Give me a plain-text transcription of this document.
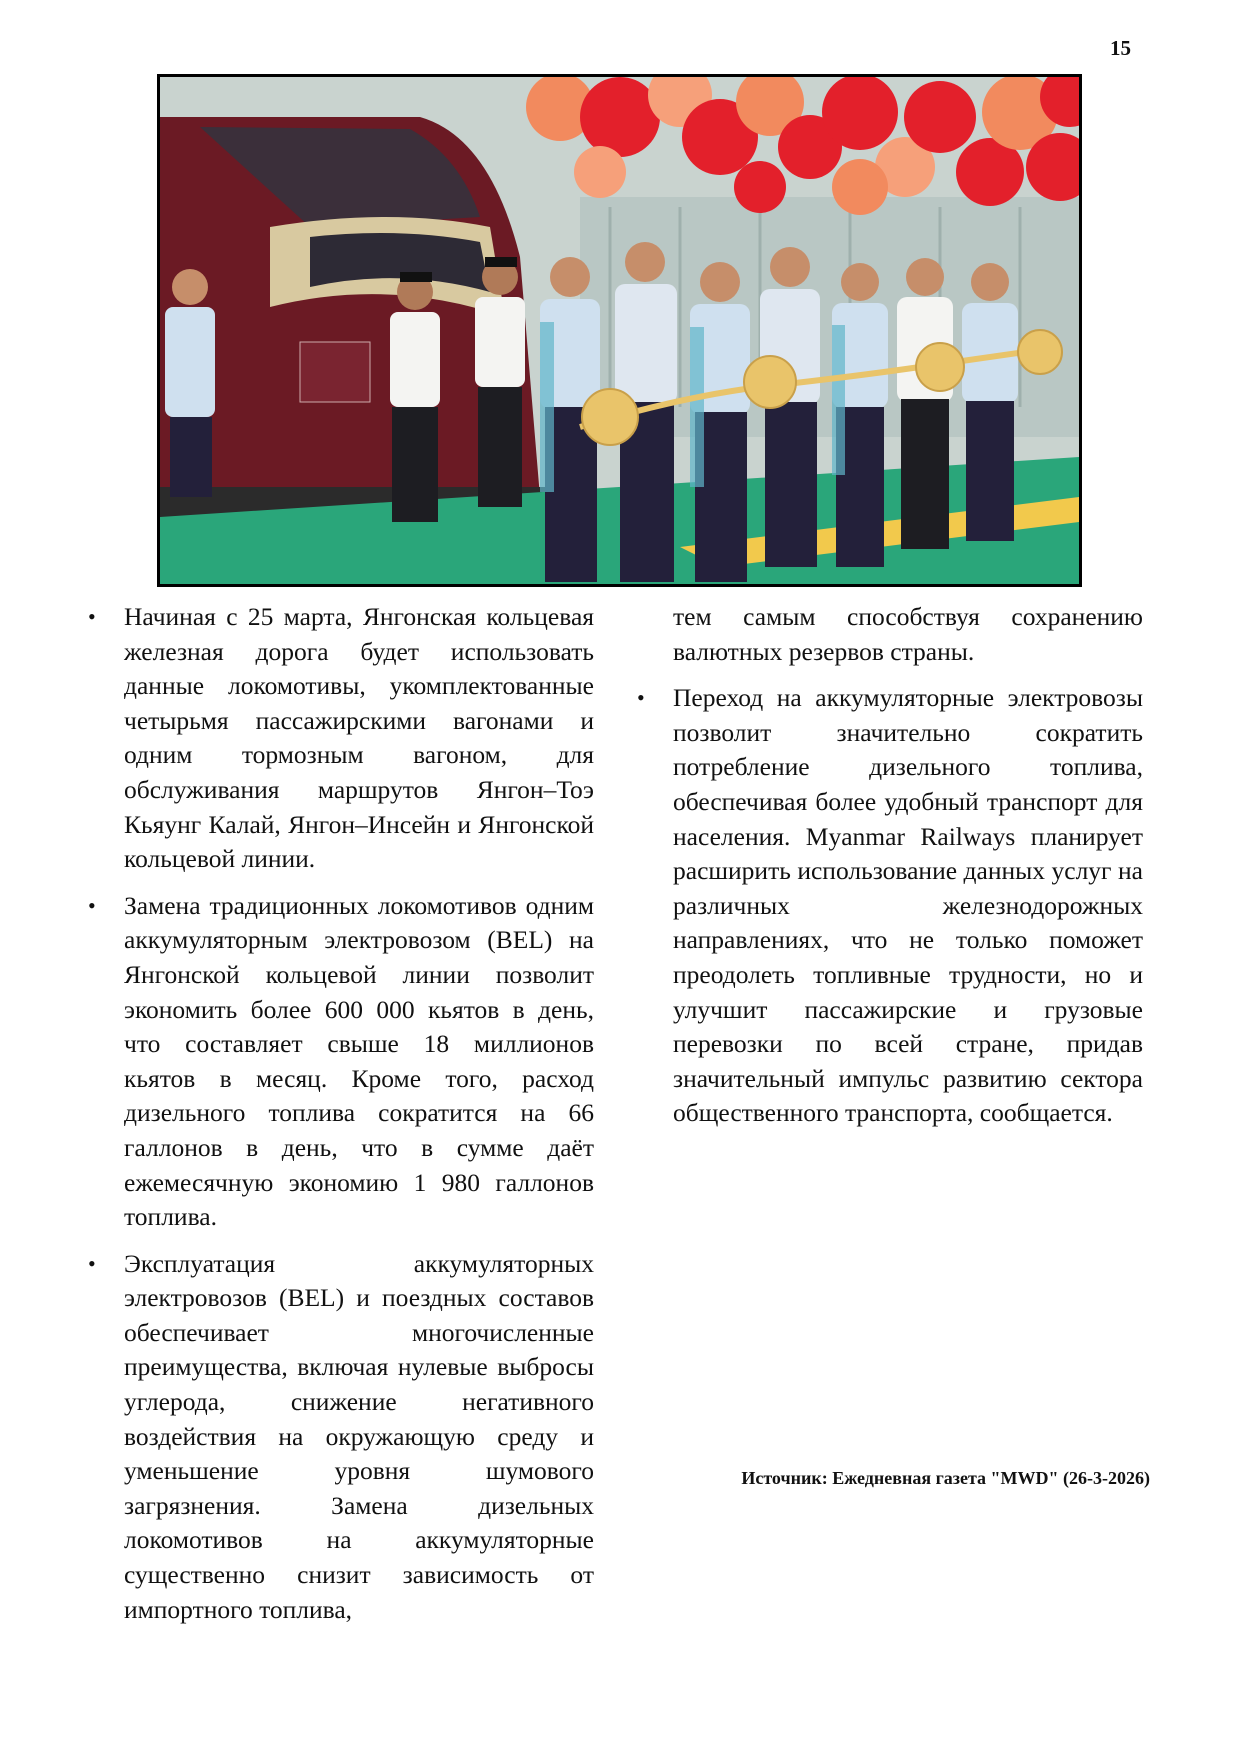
15
• Начиная с 25 марта, Янгонская кольцевая железная дорога будет использовать данные локомотивы, укомплектованные четырьмя пассажирскими вагонами и одним тормозным вагоном, для обслуживания маршрутов Янгон–Тоэ Кьяунг Калай, Янгон–Инсейн и Янгонской кольцевой линии.
• Замена традиционных локомотивов одним аккумуляторным электровозом (BEL) на Янгонской кольцевой линии позволит экономить более 600 000 кьятов в день, что составляет свыше 18 миллионов кьятов в месяц. Кроме того, расход дизельного топлива сократится на 66 галлонов в день, что в сумме даёт ежемесячную экономию 1 980 галлонов топлива.
• Эксплуатация аккумуляторных электровозов (BEL) и поездных составов обеспечивает многочисленные преимущества, включая нулевые выбросы углерода, снижение негативного воздействия на окружающую среду и уменьшение уровня шумового загрязнения. Замена дизельных локомотивов на аккумуляторные существенно снизит зависимость от импортного топлива,
тем самым способствуя сохранению валютных резервов страны.
• Переход на аккумуляторные электровозы позволит значительно сократить потребление дизельного топлива, обеспечивая более удобный транспорт для населения. Myanmar Railways планирует расширить использование данных услуг на различных железнодорожных направлениях, что не только поможет преодолеть топливные трудности, но и улучшит пассажирские и грузовые перевозки по всей стране, придав значительный импульс развитию сектора общественного транспорта, сообщается.
Источник: Ежедневная газета "MWD" (26-3-2026)
